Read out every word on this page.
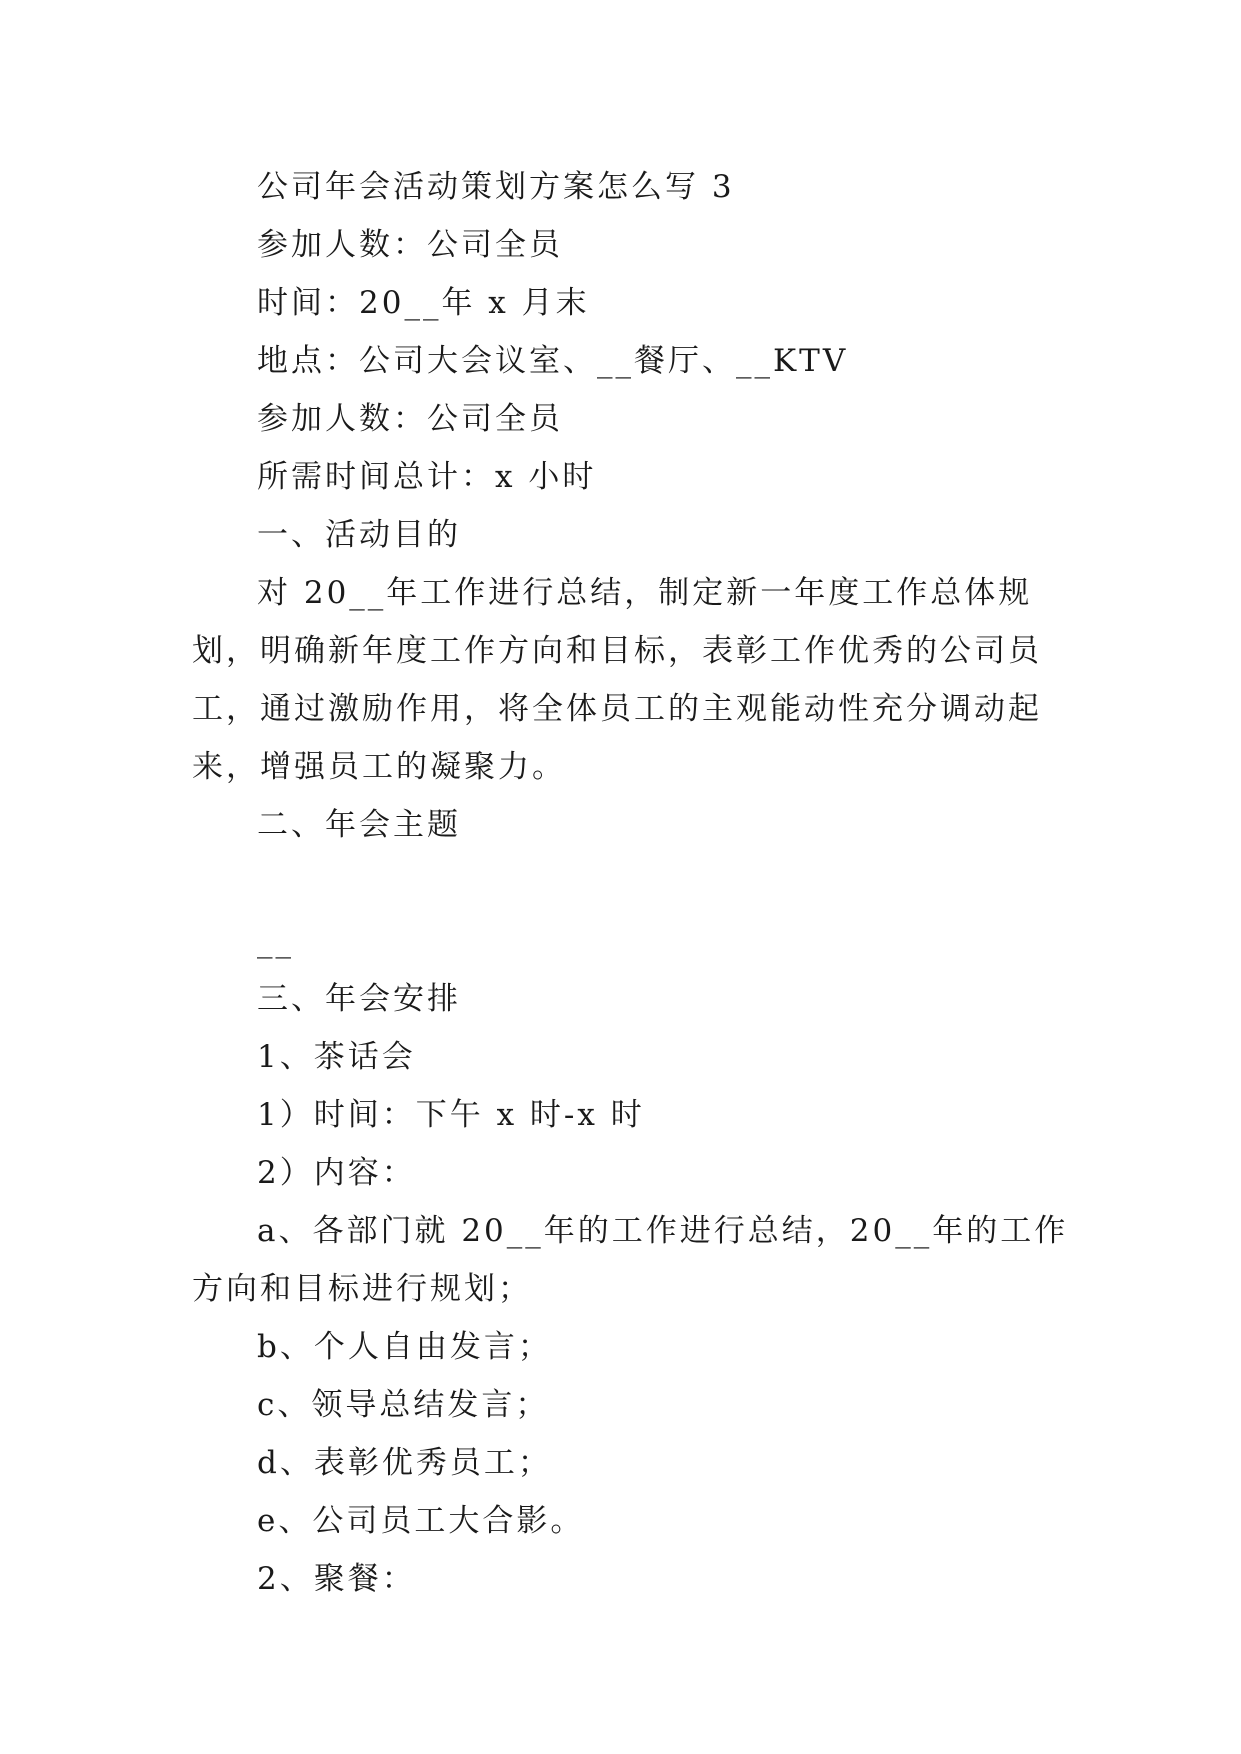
公司年会活动策划方案怎么写 3

参加人数：公司全员

时间：20__年 x 月末

地点：公司大会议室、__餐厅、__KTV

参加人数：公司全员

所需时间总计：x 小时

一、活动目的

对 20__年工作进行总结，制定新一年度工作总体规划，明确新年度工作方向和目标，表彰工作优秀的公司员工，通过激励作用，将全体员工的主观能动性充分调动起来，增强员工的凝聚力。

二、年会主题

__

三、年会安排

1、茶话会

1）时间：下午 x 时-x 时

2）内容：

a、各部门就 20__年的工作进行总结，20__年的工作方向和目标进行规划；

b、个人自由发言；

c、领导总结发言；

d、表彰优秀员工；

e、公司员工大合影。

2、聚餐：
